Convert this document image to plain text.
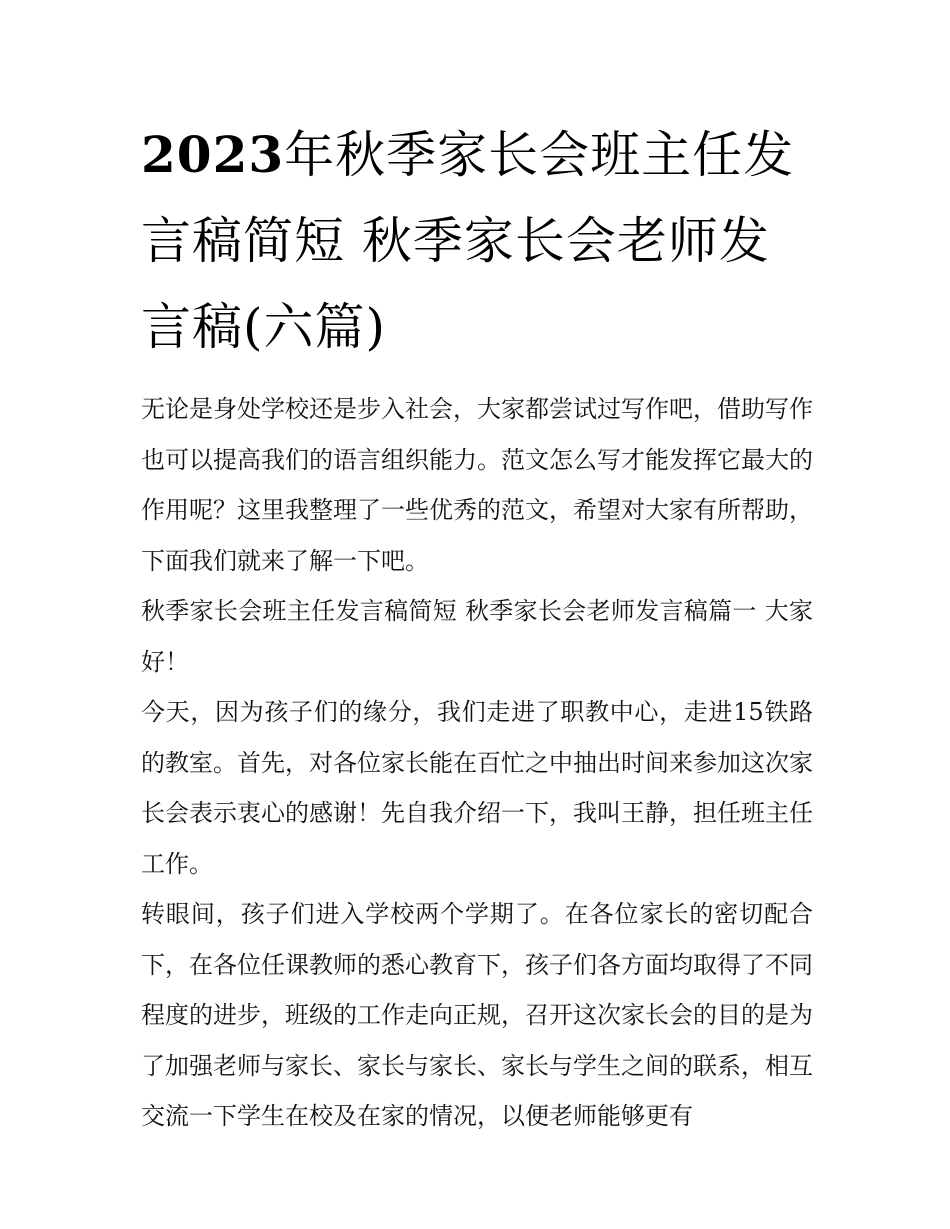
2023年秋季家长会班主任发言稿简短 秋季家长会老师发言稿(六篇)

无论是身处学校还是步入社会，大家都尝试过写作吧，借助写作也可以提高我们的语言组织能力。范文怎么写才能发挥它最大的作用呢？这里我整理了一些优秀的范文，希望对大家有所帮助，下面我们就来了解一下吧。

秋季家长会班主任发言稿简短 秋季家长会老师发言稿篇一 大家好！

今天，因为孩子们的缘分，我们走进了职教中心，走进15铁路的教室。首先，对各位家长能在百忙之中抽出时间来参加这次家长会表示衷心的感谢！先自我介绍一下，我叫王静，担任班主任工作。

转眼间，孩子们进入学校两个学期了。在各位家长的密切配合下，在各位任课教师的悉心教育下，孩子们各方面均取得了不同程度的进步，班级的工作走向正规，召开这次家长会的目的是为了加强老师与家长、家长与家长、家长与学生之间的联系，相互交流一下学生在校及在家的情况，以便老师能够更有
